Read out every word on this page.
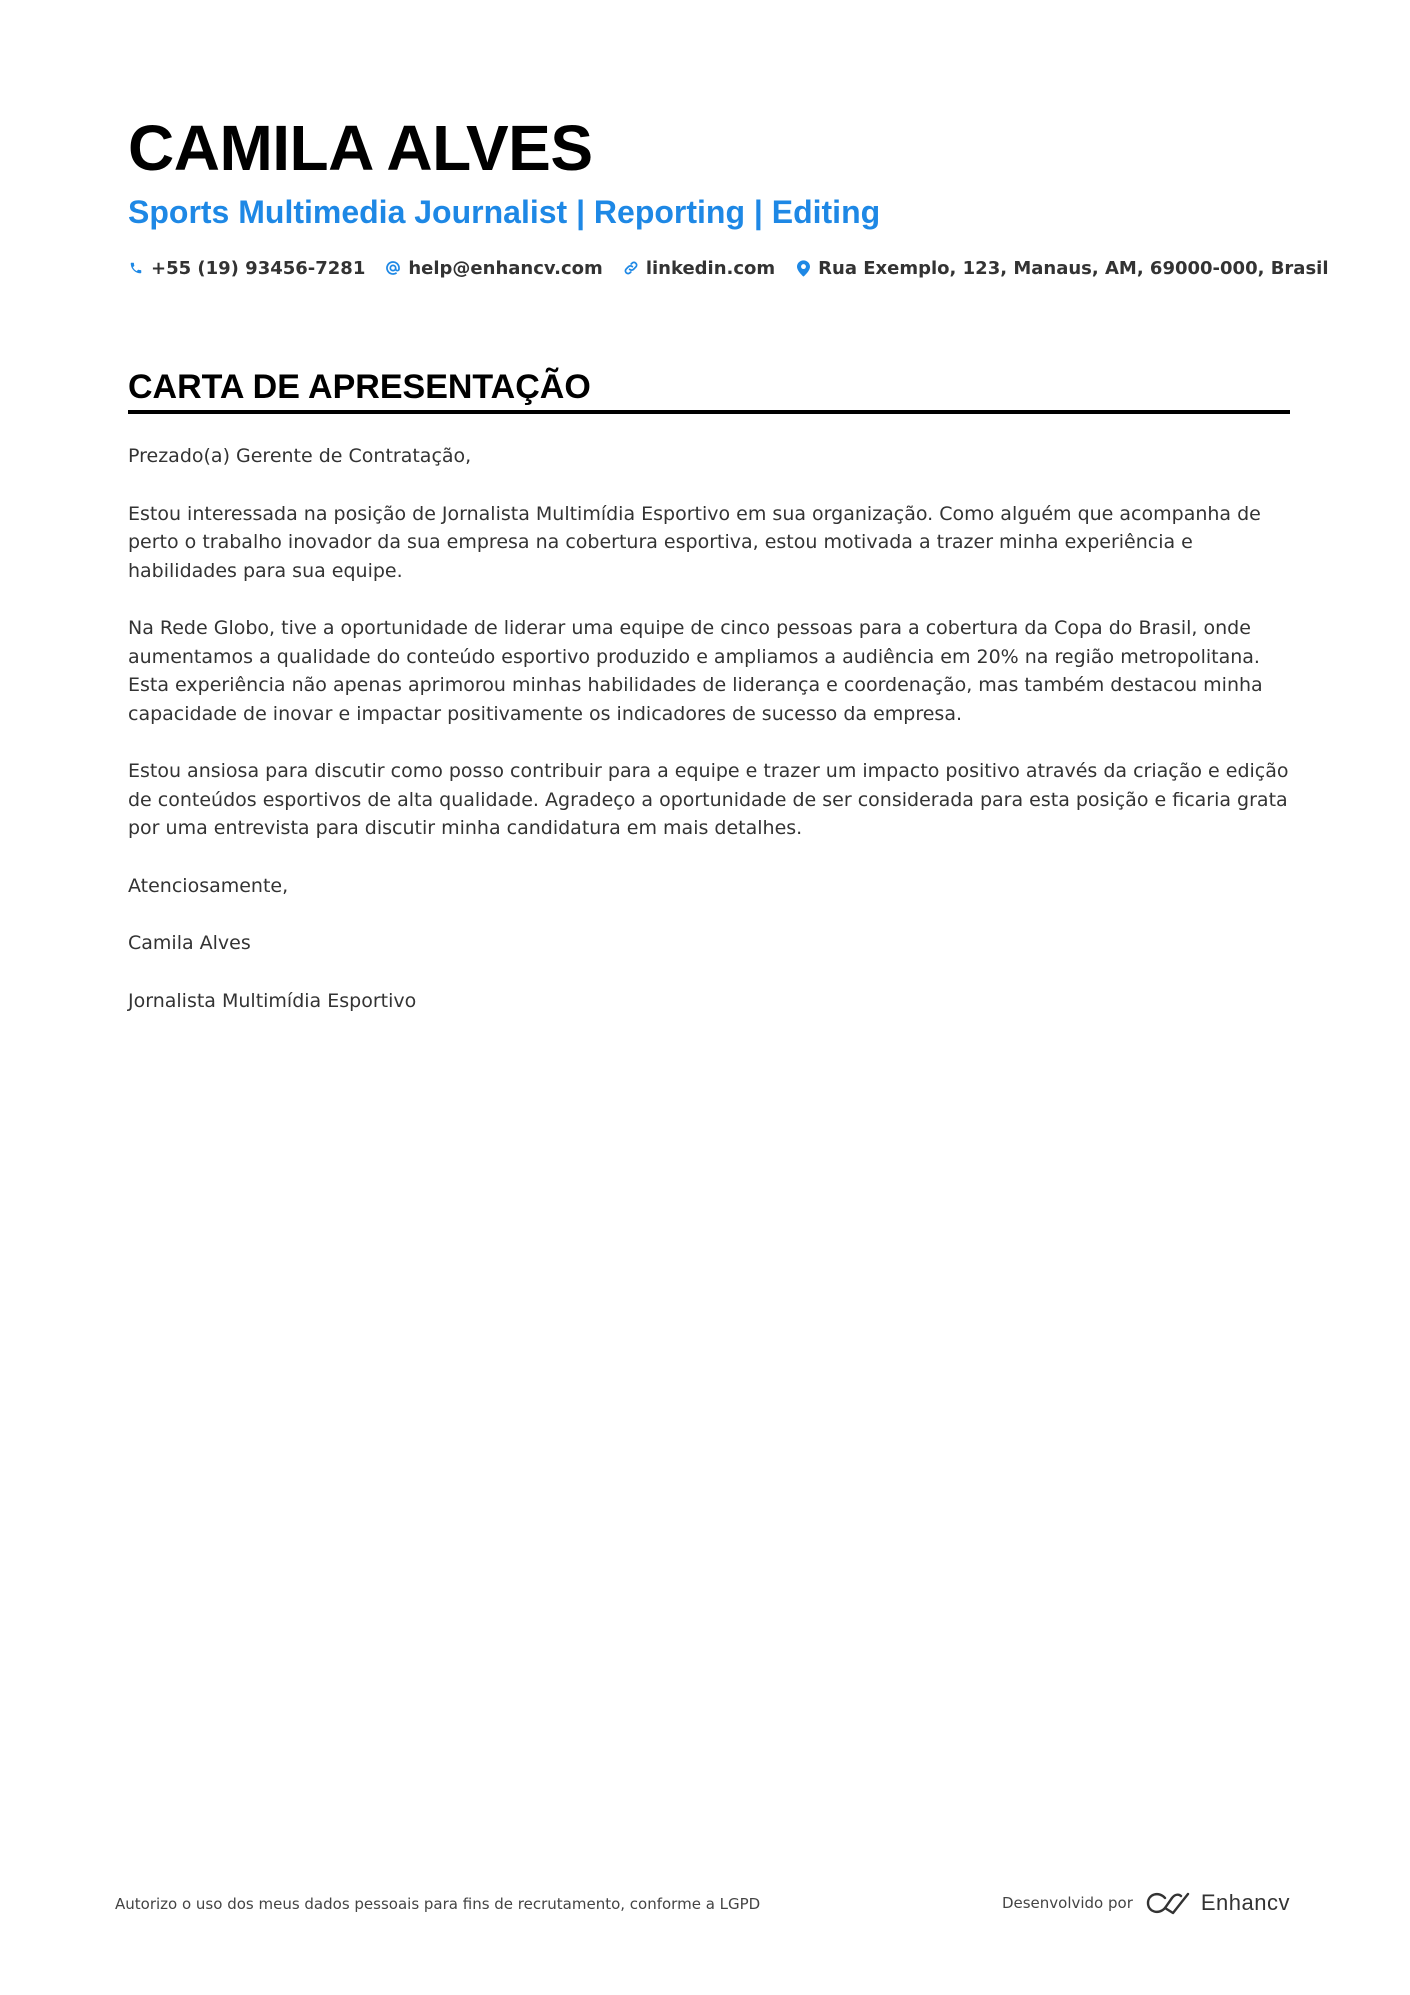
CAMILA ALVES
Sports Multimedia Journalist | Reporting | Editing
+55 (19) 93456-7281 help@enhancv.com linkedin.com Rua Exemplo, 123, Manaus, AM, 69000-000, Brasil
CARTA DE APRESENTAÇÃO

Prezado(a) Gerente de Contratação,

Estou interessada na posição de Jornalista Multimídia Esportivo em sua organização. Como alguém que acompanha de perto o trabalho inovador da sua empresa na cobertura esportiva, estou motivada a trazer minha experiência e habilidades para sua equipe.

Na Rede Globo, tive a oportunidade de liderar uma equipe de cinco pessoas para a cobertura da Copa do Brasil, onde aumentamos a qualidade do conteúdo esportivo produzido e ampliamos a audiência em 20% na região metropolitana. Esta experiência não apenas aprimorou minhas habilidades de liderança e coordenação, mas também destacou minha capacidade de inovar e impactar positivamente os indicadores de sucesso da empresa.

Estou ansiosa para discutir como posso contribuir para a equipe e trazer um impacto positivo através da criação e edição de conteúdos esportivos de alta qualidade. Agradeço a oportunidade de ser considerada para esta posição e ficaria grata por uma entrevista para discutir minha candidatura em mais detalhes.

Atenciosamente,

Camila Alves

Jornalista Multimídia Esportivo

Autorizo o uso dos meus dados pessoais para fins de recrutamento, conforme a LGPD	Desenvolvido por	Enhancv
